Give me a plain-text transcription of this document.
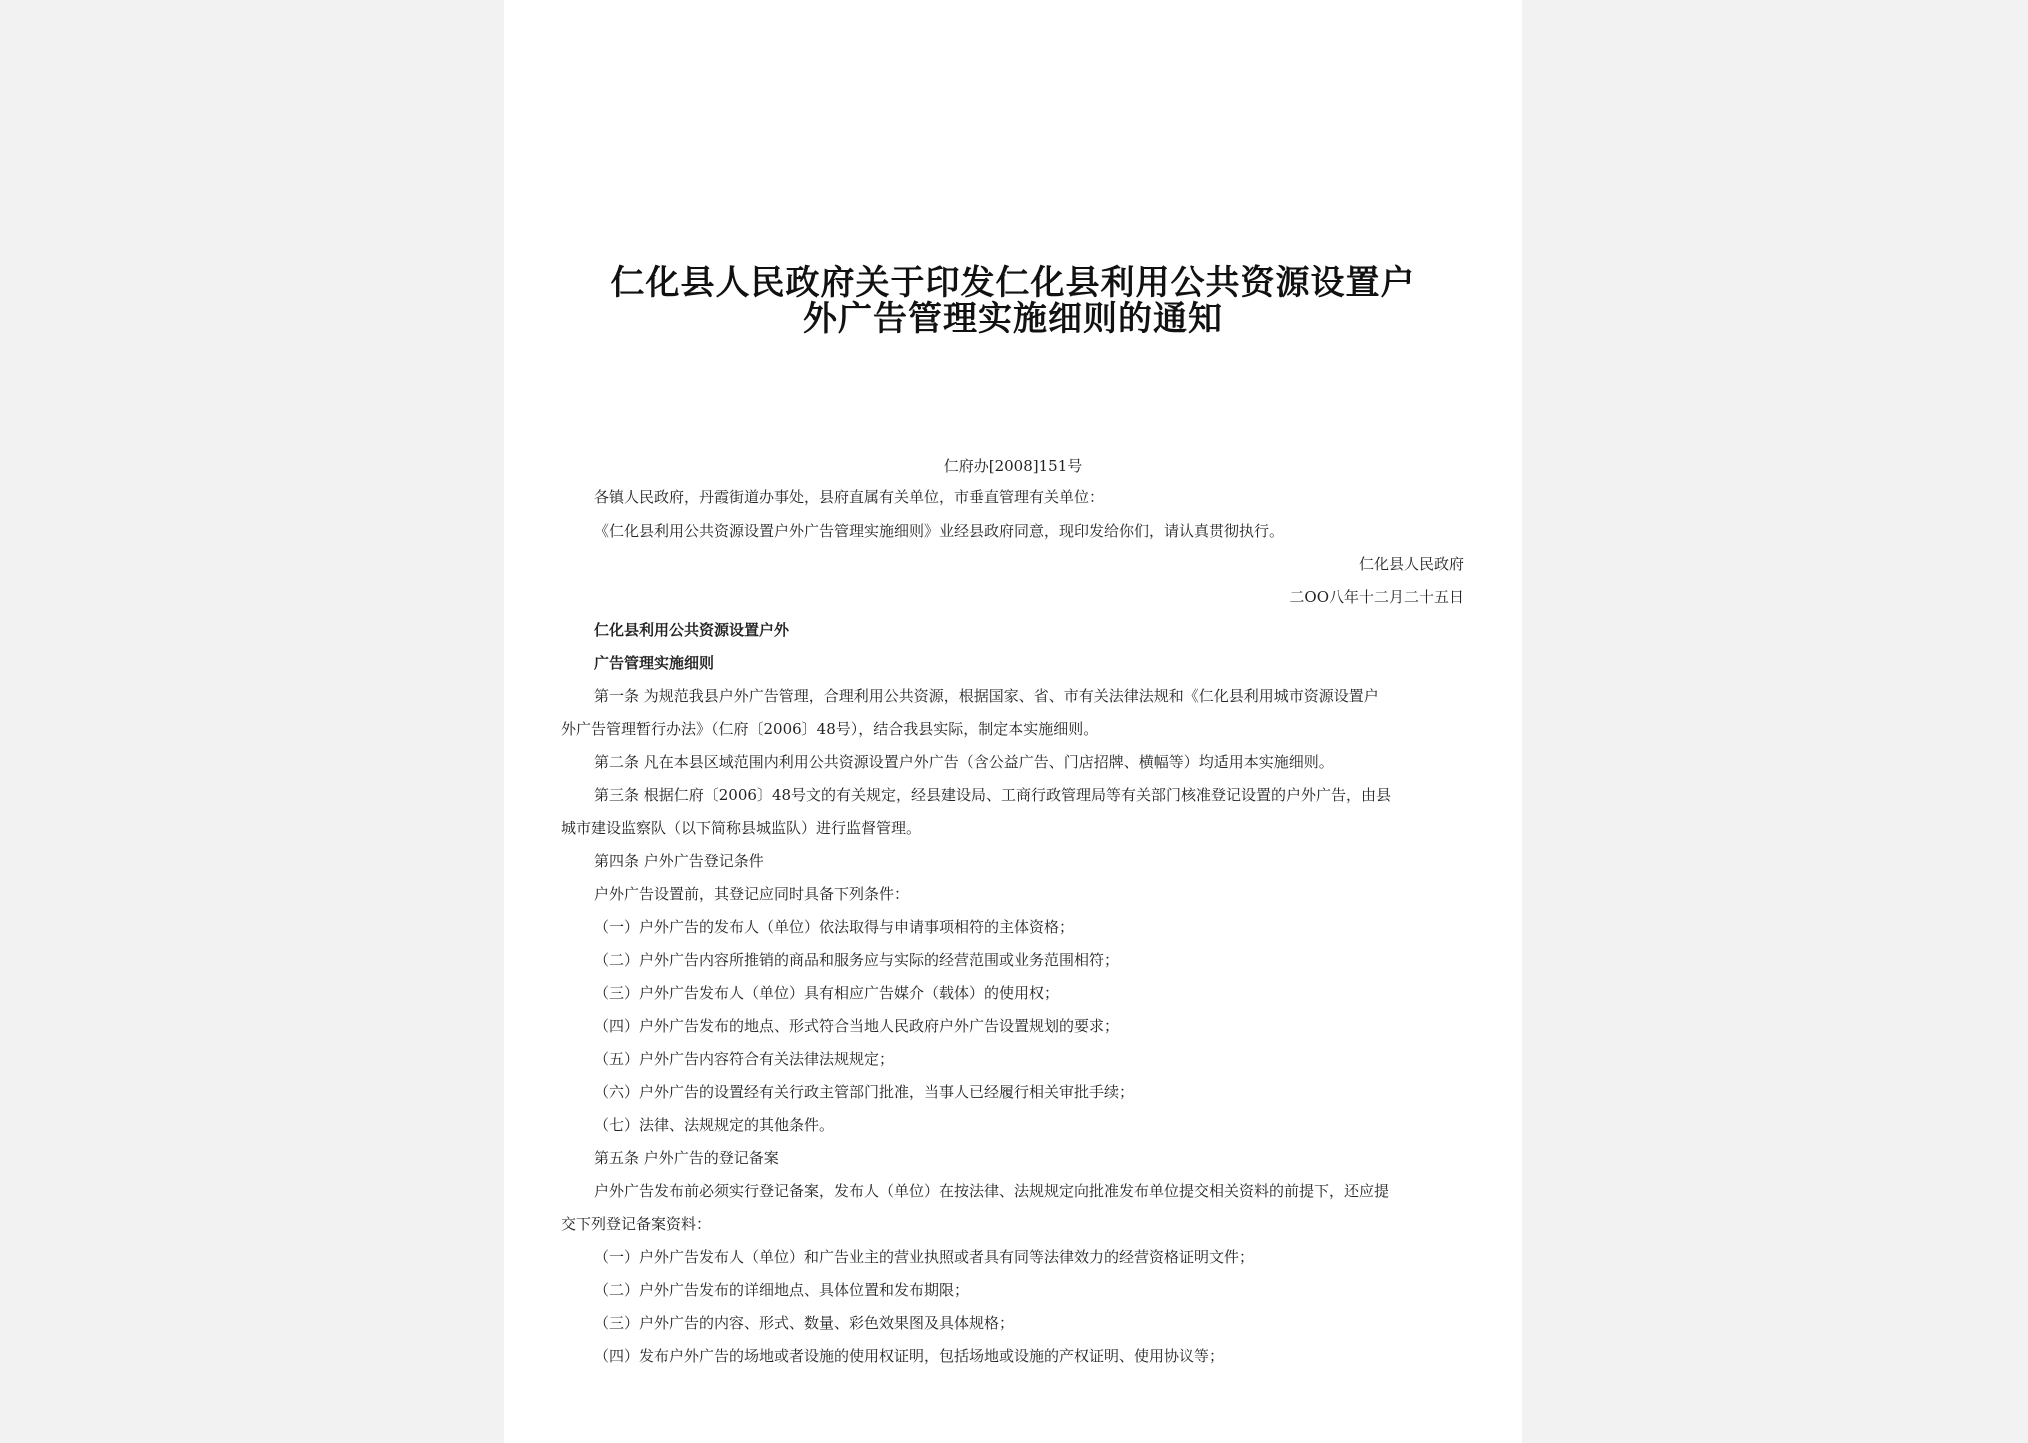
仁化县人民政府关于印发仁化县利用公共资源设置户
外广告管理实施细则的通知
仁府办[2008]151号
各镇人民政府，丹霞街道办事处，县府直属有关单位，市垂直管理有关单位：
《仁化县利用公共资源设置户外广告管理实施细则》业经县政府同意，现印发给你们，请认真贯彻执行。
仁化县人民政府
二OO八年十二月二十五日
仁化县利用公共资源设置户外
广告管理实施细则
第一条 为规范我县户外广告管理，合理利用公共资源，根据国家、省、市有关法律法规和《仁化县利用城市资源设置户
外广告管理暂行办法》（仁府〔2006〕48号），结合我县实际，制定本实施细则。
第二条 凡在本县区域范围内利用公共资源设置户外广告（含公益广告、门店招牌、横幅等）均适用本实施细则。
第三条 根据仁府〔2006〕48号文的有关规定，经县建设局、工商行政管理局等有关部门核准登记设置的户外广告，由县
城市建设监察队（以下简称县城监队）进行监督管理。
第四条 户外广告登记条件
户外广告设置前，其登记应同时具备下列条件：
（一）户外广告的发布人（单位）依法取得与申请事项相符的主体资格；
（二）户外广告内容所推销的商品和服务应与实际的经营范围或业务范围相符；
（三）户外广告发布人（单位）具有相应广告媒介（载体）的使用权；
（四）户外广告发布的地点、形式符合当地人民政府户外广告设置规划的要求；
（五）户外广告内容符合有关法律法规规定；
（六）户外广告的设置经有关行政主管部门批准，当事人已经履行相关审批手续；
（七）法律、法规规定的其他条件。
第五条 户外广告的登记备案
户外广告发布前必须实行登记备案，发布人（单位）在按法律、法规规定向批准发布单位提交相关资料的前提下，还应提
交下列登记备案资料：
（一）户外广告发布人（单位）和广告业主的营业执照或者具有同等法律效力的经营资格证明文件；
（二）户外广告发布的详细地点、具体位置和发布期限；
（三）户外广告的内容、形式、数量、彩色效果图及具体规格；
（四）发布户外广告的场地或者设施的使用权证明，包括场地或设施的产权证明、使用协议等；
